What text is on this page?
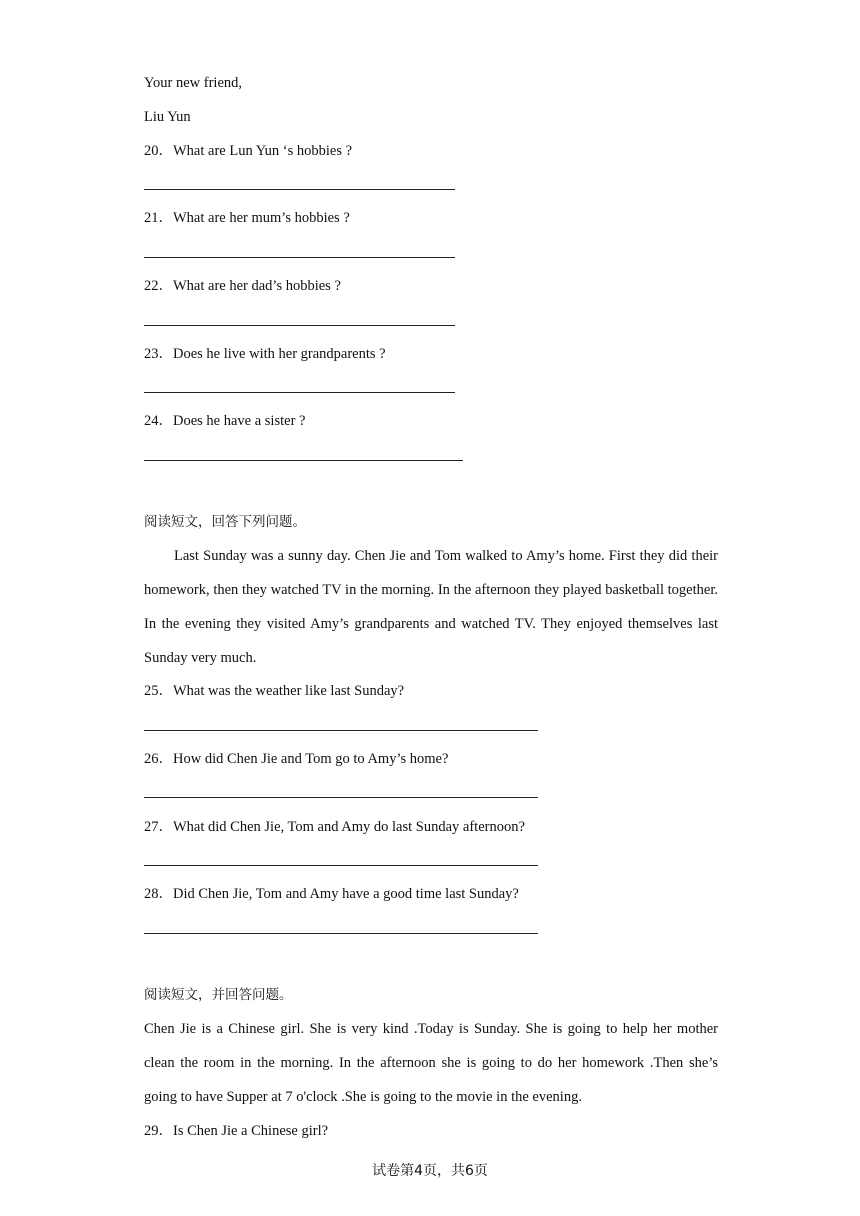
Your new friend,
Liu Yun
20．What are Lun Yun ‘s hobbies ?
21．What are her mum’s hobbies ?
22．What are her dad’s hobbies ?
23．Does he live with her grandparents ?
24．Does he have a sister ?
阅读短文，回答下列问题。

Last Sunday was a sunny day. Chen Jie and Tom walked to Amy’s home. First they did their homework, then they watched TV in the morning. In the afternoon they played basketball together. In the evening they visited Amy’s grandparents and watched TV. They enjoyed themselves last Sunday very much.

25．What was the weather like last Sunday?
26．How did Chen Jie and Tom go to Amy’s home?
27．What did Chen Jie, Tom and Amy do last Sunday afternoon?
28．Did Chen Jie, Tom and Amy have a good time last Sunday?
阅读短文，并回答问题。

Chen Jie is a Chinese girl. She is very kind .Today is Sunday. She is going to help her mother clean the room in the morning. In the afternoon she is going to do her homework .Then she’s going to have Supper at 7 o'clock .She is going to the movie in the evening.

29．Is Chen Jie a Chinese girl?
试卷第4页，共6页
